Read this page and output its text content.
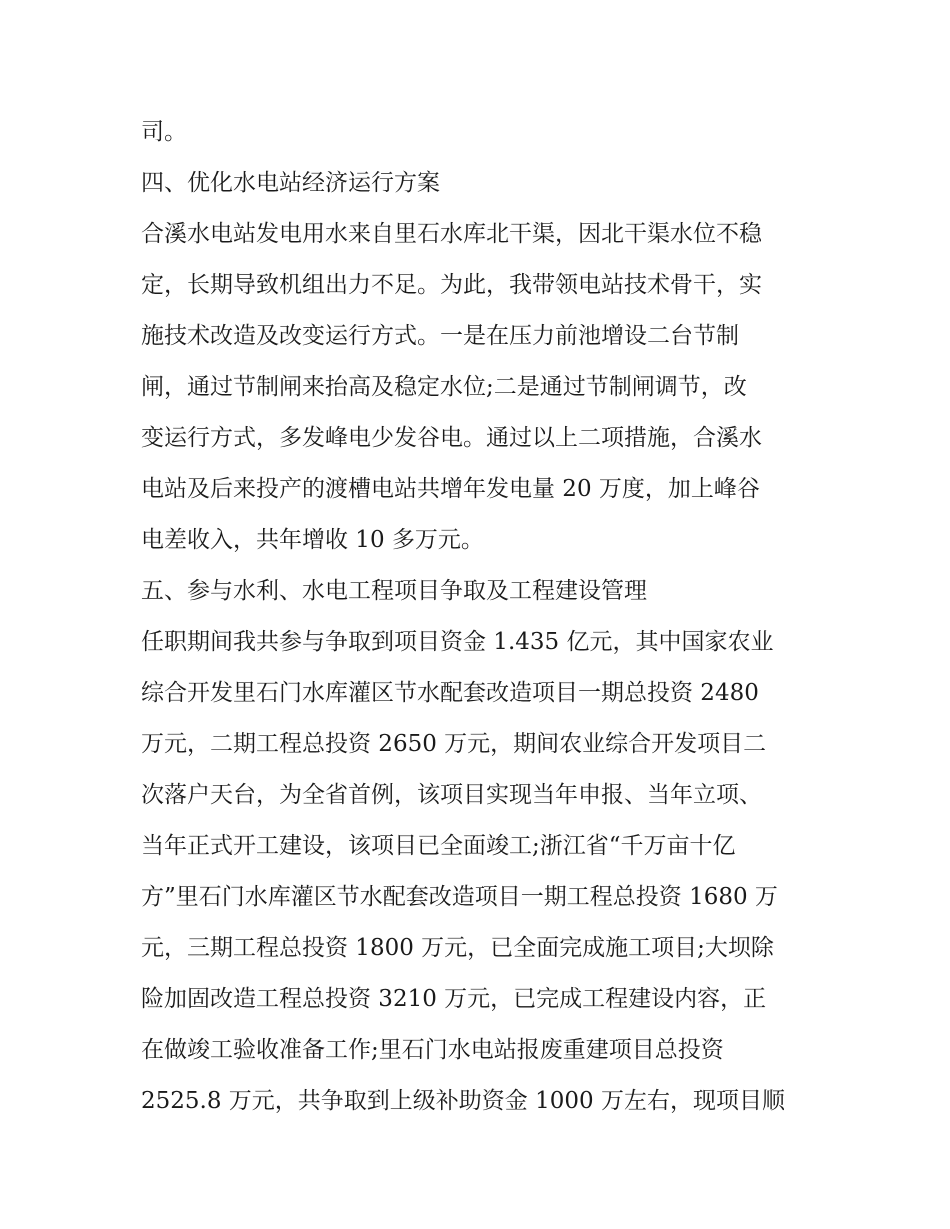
司。
四、优化水电站经济运行方案
合溪水电站发电用水来自里石水库北干渠，因北干渠水位不稳
定，长期导致机组出力不足。为此，我带领电站技术骨干，实
施技术改造及改变运行方式。一是在压力前池增设二台节制
闸，通过节制闸来抬高及稳定水位;二是通过节制闸调节，改
变运行方式，多发峰电少发谷电。通过以上二项措施，合溪水
电站及后来投产的渡槽电站共增年发电量 20 万度，加上峰谷
电差收入，共年增收 10 多万元。
五、参与水利、水电工程项目争取及工程建设管理
任职期间我共参与争取到项目资金 1.435 亿元，其中国家农业
综合开发里石门水库灌区节水配套改造项目一期总投资 2480
万元，二期工程总投资 2650 万元，期间农业综合开发项目二
次落户天台，为全省首例，该项目实现当年申报、当年立项、
当年正式开工建设，该项目已全面竣工;浙江省“千万亩十亿
方”里石门水库灌区节水配套改造项目一期工程总投资 1680 万
元，三期工程总投资 1800 万元，已全面完成施工项目;大坝除
险加固改造工程总投资 3210 万元，已完成工程建设内容，正
在做竣工验收准备工作;里石门水电站报废重建项目总投资
2525.8 万元，共争取到上级补助资金 1000 万左右，现项目顺
